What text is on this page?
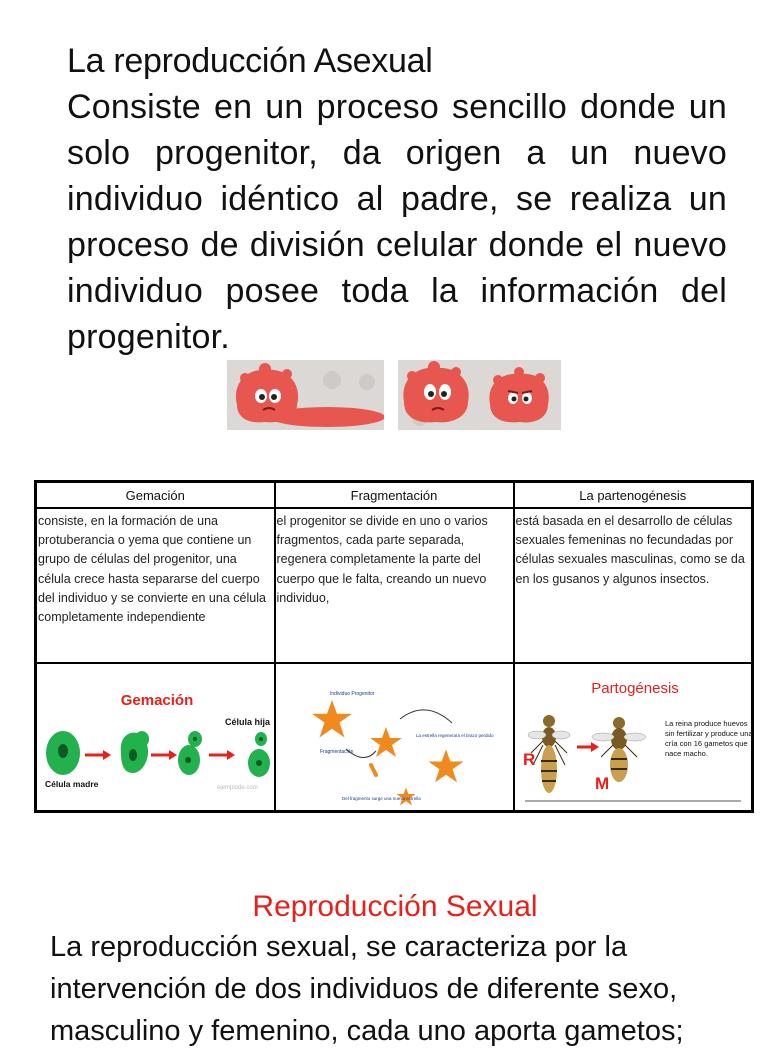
La reproducción Asexual
Consiste en un proceso sencillo donde un solo progenitor, da origen a un nuevo individuo idéntico al padre, se realiza un proceso de división celular donde el nuevo individuo posee toda la información del progenitor.
Gemación	Fragmentación	La partenogénesis
consiste, en la formación de una protuberancia o yema que contiene un grupo de células del progenitor, una célula crece hasta separarse del cuerpo del individuo y se convierte en una célula completamente independiente	el progenitor se divide en uno o varios fragmentos, cada parte separada, regenera completamente la parte del cuerpo que le falta, creando un nuevo individuo,	está basada en el desarrollo de células sexuales femeninas no fecundadas por células sexuales masculinas, como se da en los gusanos y algunos insectos.

Gemación
Célula hija
Célula madre ejemplode.com	Individuo Progenitor
Fragmentación
La estrella regenerara el brazo perdido
Del fragmento surge una nueva estrella	Partogénesis
R
M
La reina produce huevos sin fertilizar y produce una cría con 16 gametos que nace macho.
Reproducción Sexual
La reproducción sexual, se caracteriza por la intervención de dos individuos de diferente sexo, masculino y femenino, cada uno aporta gametos;
